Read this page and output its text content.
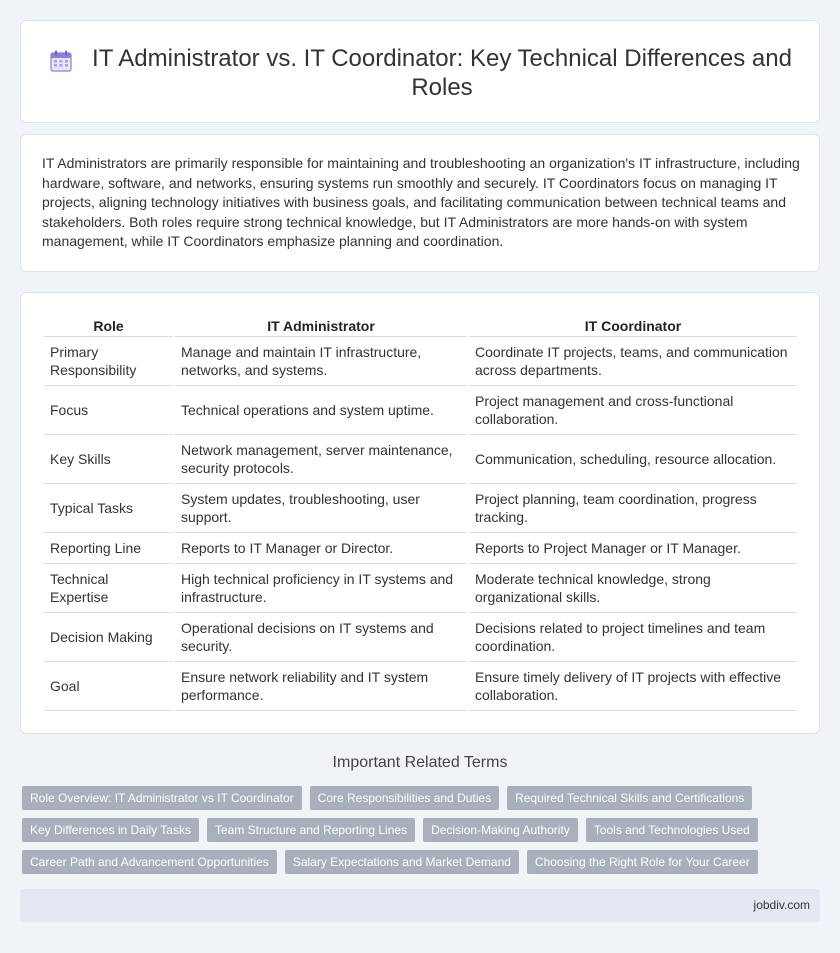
IT Administrator vs. IT Coordinator: Key Technical Differences and Roles

IT Administrators are primarily responsible for maintaining and troubleshooting an organization's IT infrastructure, including hardware, software, and networks, ensuring systems run smoothly and securely. IT Coordinators focus on managing IT projects, aligning technology initiatives with business goals, and facilitating communication between technical teams and stakeholders. Both roles require strong technical knowledge, but IT Administrators are more hands-on with system management, while IT Coordinators emphasize planning and coordination.

Role	IT Administrator	IT Coordinator
Primary Responsibility	Manage and maintain IT infrastructure, networks, and systems.	Coordinate IT projects, teams, and communication across departments.
Focus	Technical operations and system uptime.	Project management and cross-functional collaboration.
Key Skills	Network management, server maintenance, security protocols.	Communication, scheduling, resource allocation.
Typical Tasks	System updates, troubleshooting, user support.	Project planning, team coordination, progress tracking.
Reporting Line	Reports to IT Manager or Director.	Reports to Project Manager or IT Manager.
Technical Expertise	High technical proficiency in IT systems and infrastructure.	Moderate technical knowledge, strong organizational skills.
Decision Making	Operational decisions on IT systems and security.	Decisions related to project timelines and team coordination.
Goal	Ensure network reliability and IT system performance.	Ensure timely delivery of IT projects with effective collaboration.
Important Related Terms
Role Overview: IT Administrator vs IT Coordinator	Core Responsibilities and Duties	Required Technical Skills and Certifications
Key Differences in Daily Tasks	Team Structure and Reporting Lines	Decision-Making Authority	Tools and Technologies Used
Career Path and Advancement Opportunities	Salary Expectations and Market Demand	Choosing the Right Role for Your Career
jobdiv.com
